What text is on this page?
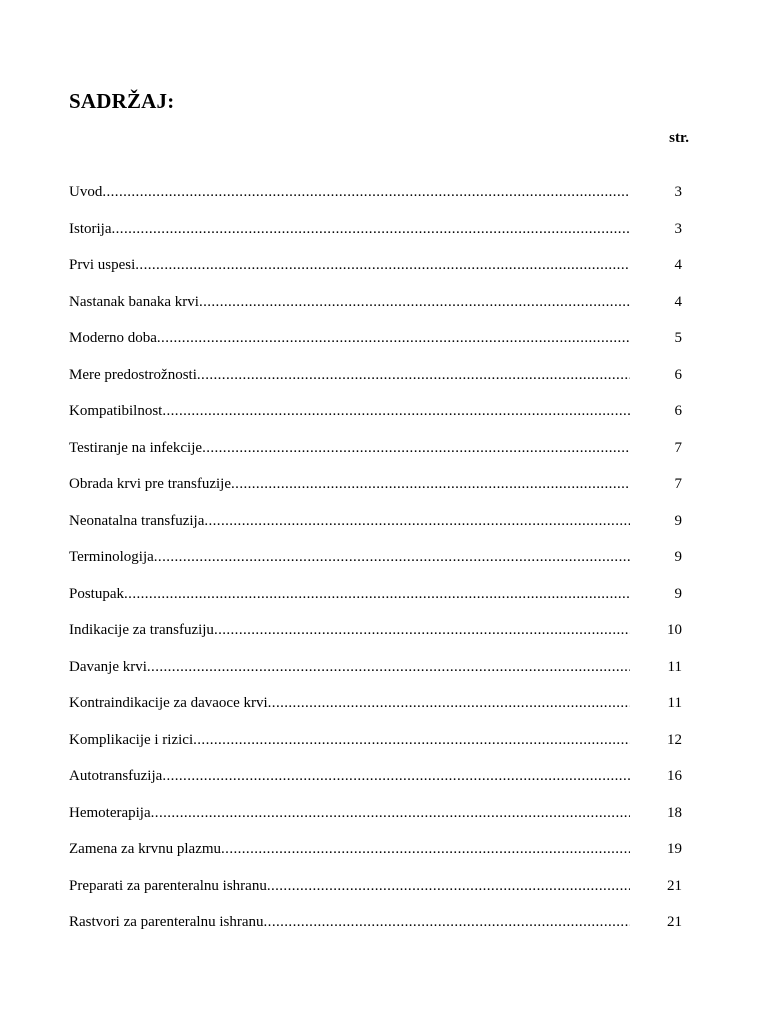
SADRŽAJ:
str.
Uvod .....	3
Istorija .....	3
Prvi uspesi .....	4
Nastanak banaka krvi .....	4
Moderno doba .....	5
Mere predostrožnosti .....	6
Kompatibilnost .....	6
Testiranje na infekcije .....	7
Obrada krvi pre transfuzije .....	7
Neonatalna transfuzija .....	9
Terminologija .....	9
Postupak .....	9
Indikacije za transfuziju .....	10
Davanje krvi .....	11
Kontraindikacije za davaoce krvi .....	11
Komplikacije i rizici .....	12
Autotransfuzija .....	16
Hemoterapija .....	18
Zamena za krvnu plazmu .....	19
Preparati za parenteralnu ishranu .....	21
Rastvori za parenteralnu ishranu .....	21
